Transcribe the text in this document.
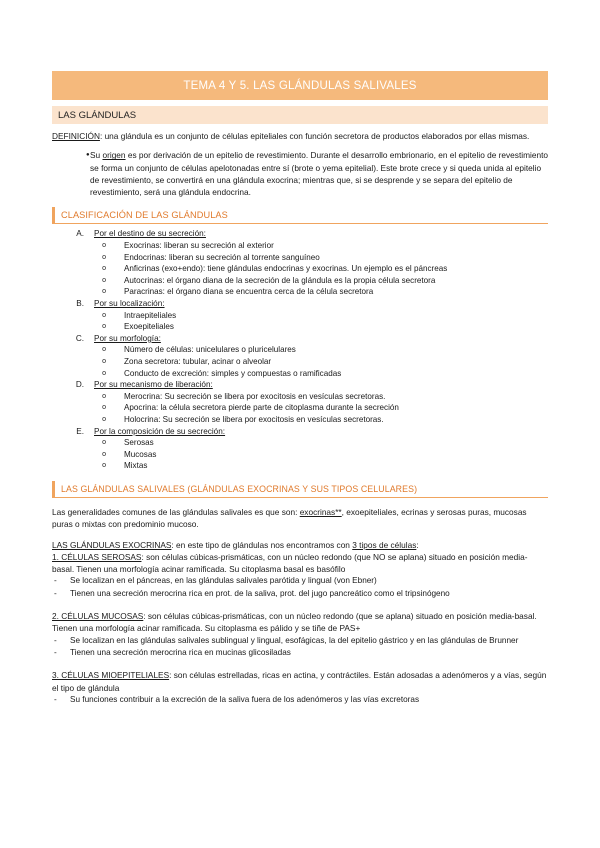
TEMA 4 Y 5. LAS GLÁNDULAS SALIVALES
LAS GLÁNDULAS

DEFINICIÓN: una glándula es un conjunto de células epiteliales con función secretora de productos elaborados por ellas mismas.

● Su origen es por derivación de un epitelio de revestimiento. Durante el desarrollo embrionario, en el epitelio de revestimiento se forma un conjunto de células apelotonadas entre sí (brote o yema epitelial). Este brote crece y si queda unida al epitelio de revestimiento, se convertirá en una glándula exocrina; mientras que, si se desprende y se separa del epitelio de revestimiento, será una glándula endocrina.
CLASIFICACIÓN DE LAS GLÁNDULAS
A.	Por el destino de su secreción:
o	Exocrinas: liberan su secreción al exterior
o	Endocrinas: liberan su secreción al torrente sanguíneo
o	Anficrinas (exo+endo): tiene glándulas endocrinas y exocrinas. Un ejemplo es el páncreas
o	Autocrinas: el órgano diana de la secreción de la glándula es la propia célula secretora
o	Paracrinas: el órgano diana se encuentra cerca de la célula secretora
B.	Por su localización:
o	Intraepiteliales
o	Exoepiteliales
C.	Por su morfología:
o	Número de células: unicelulares o pluricelulares
o	Zona secretora: tubular, acinar o alveolar
o	Conducto de excreción: simples y compuestas o ramificadas
D.	Por su mecanismo de liberación:
o	Merocrina: Su secreción se libera por exocitosis en vesículas secretoras.
o	Apocrina: la célula secretora pierde parte de citoplasma durante la secreción
o	Holocrina: Su secreción se libera por exocitosis en vesículas secretoras.
E.	Por la composición de su secreción:
o	Serosas
o	Mucosas
o	Mixtas
LAS GLÁNDULAS SALIVALES (GLÁNDULAS EXOCRINAS Y SUS TIPOS CELULARES)

Las generalidades comunes de las glándulas salivales es que son: exocrinas**, exoepiteliales, ecrinas y serosas puras, mucosas puras o mixtas con predominio mucoso.

LAS GLÁNDULAS EXOCRINAS: en este tipo de glándulas nos encontramos con 3 tipos de células:

1. CÉLULAS SEROSAS: son células cúbicas-prismáticas, con un núcleo redondo (que NO se aplana) situado en posición media-basal. Tienen una morfología acinar ramificada. Su citoplasma basal es basófilo

-	Se localizan en el páncreas, en las glándulas salivales parótida y lingual (von Ebner)
-	Tienen una secreción merocrina rica en prot. de la saliva, prot. del jugo pancreático como el tripsinógeno

2. CÉLULAS MUCOSAS: son células cúbicas-prismáticas, con un núcleo redondo (que se aplana) situado en posición media-basal. Tienen una morfología acinar ramificada. Su citoplasma es pálido y se tiñe de PAS+

-	Se localizan en las glándulas salivales sublingual y lingual, esofágicas, la del epitelio gástrico y en las glándulas de Brunner
-	Tienen una secreción merocrina rica en mucinas glicosiladas

3. CÉLULAS MIOEPITELIALES: son células estrelladas, ricas en actina, y contráctiles. Están adosadas a adenómeros y a vías, según el tipo de glándula

-	Su funciones contribuir a la excreción de la saliva fuera de los adenómeros y las vías excretoras
